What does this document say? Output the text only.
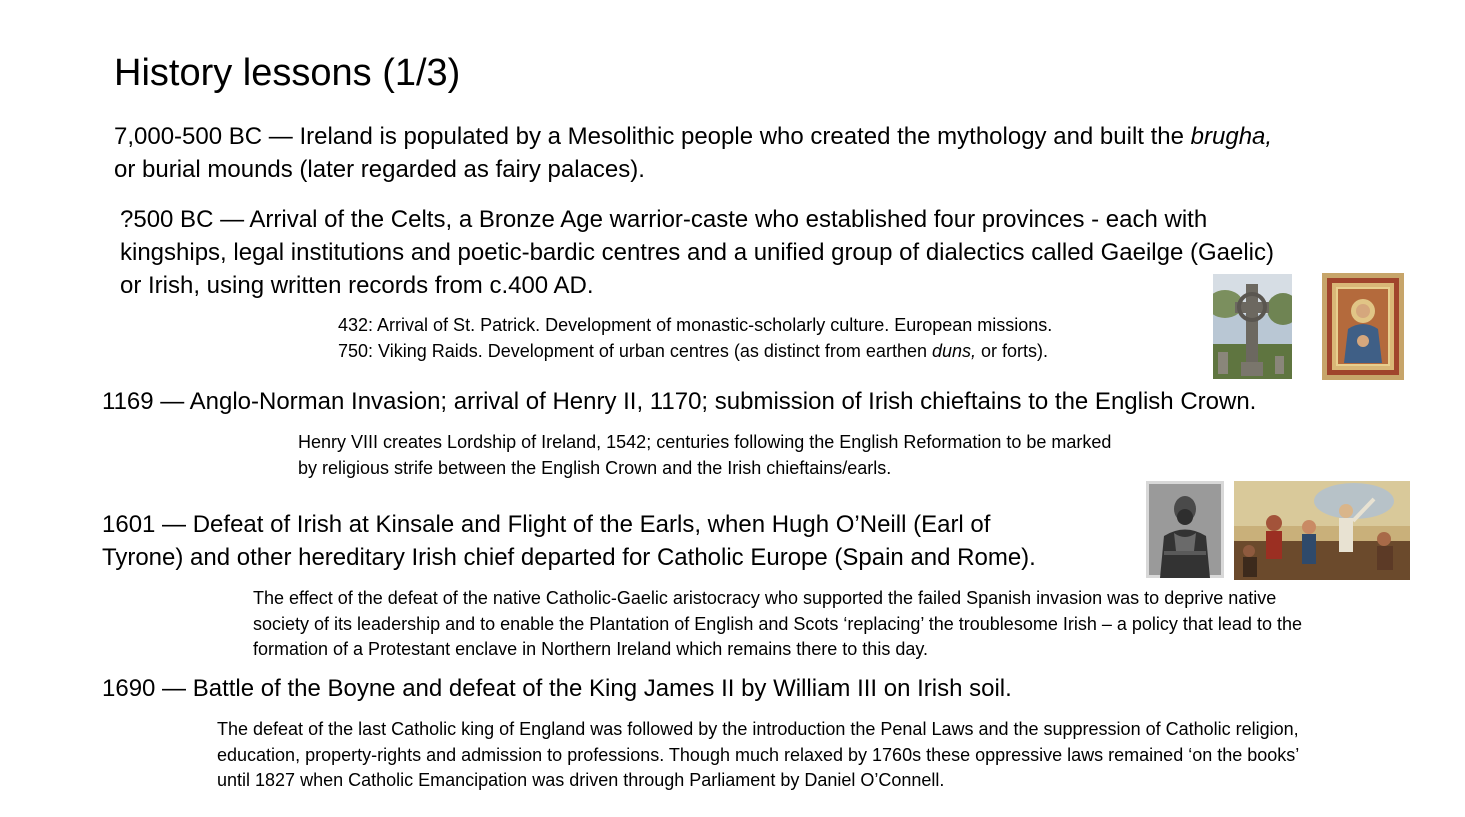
History lessons (1/3)
7,000-500 BC — Ireland is populated by a Mesolithic people who created the mythology and built the brugha,
or burial mounds (later regarded as fairy palaces).
?500 BC — Arrival of the Celts, a Bronze Age warrior-caste who established four provinces - each with
kingships, legal institutions and poetic-bardic centres and a unified group of dialectics called Gaeilge (Gaelic)
or Irish, using written records from c.400 AD.
432: Arrival of St. Patrick. Development of monastic-scholarly culture. European missions.
750: Viking Raids. Development of urban centres (as distinct from earthen duns, or forts).
1169 — Anglo-Norman Invasion; arrival of Henry II, 1170; submission of Irish chieftains to the English Crown.
Henry VIII creates Lordship of Ireland, 1542; centuries following the English Reformation to be marked
by religious strife between the English Crown and the Irish chieftains/earls.
1601 — Defeat of Irish at Kinsale and Flight of the Earls, when Hugh O’Neill (Earl of
Tyrone) and other hereditary Irish chief departed for Catholic Europe (Spain and Rome).
The effect of the defeat of the native Catholic-Gaelic aristocracy who supported the failed Spanish invasion was to deprive native
society of its leadership and to enable the Plantation of English and Scots ‘replacing’ the troublesome Irish – a policy that lead to the
formation of a Protestant enclave in Northern Ireland which remains there to this day.
1690 — Battle of the Boyne and defeat of the King James II by William III on Irish soil.
The defeat of the last Catholic king of England was followed by the introduction the Penal Laws and the suppression of Catholic religion,
education, property-rights and admission to professions. Though much relaxed by 1760s these oppressive laws remained ‘on the books’
until 1827 when Catholic Emancipation was driven through Parliament by Daniel O’Connell.
